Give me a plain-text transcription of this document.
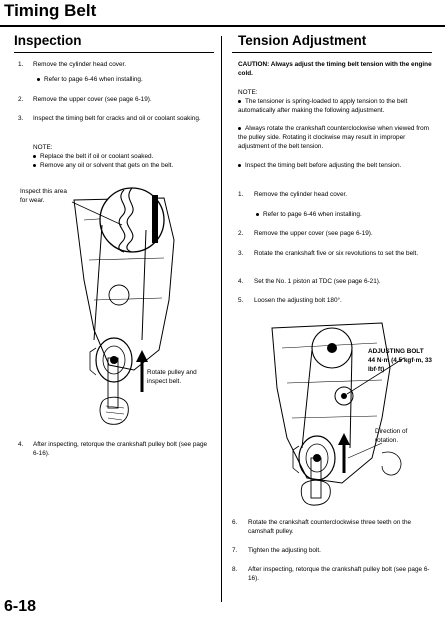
Timing Belt
Inspection
1. Remove the cylinder head cover.
Refer to page 6-46 when installing.
2. Remove the upper cover (see page 6-19).
3. Inspect the timing belt for cracks and oil or coolant soaking.
NOTE:
Replace the belt if oil or coolant soaked.
Remove any oil or solvent that gets on the belt.
Inspect this area for wear.
Rotate pulley and inspect belt.
4. After inspecting, retorque the crankshaft pulley bolt (see page 6-16).
Tension Adjustment
CAUTION: Always adjust the timing belt tension with the engine cold.
NOTE:
The tensioner is spring-loaded to apply tension to the belt automatically after making the following adjustment.
Always rotate the crankshaft counterclockwise when viewed from the pulley side. Rotating it clockwise may result in improper adjustment of the belt tension.
Inspect the timing belt before adjusting the belt tension.
1. Remove the cylinder head cover.
Refer to page 6-46 when installing.
2. Remove the upper cover (see page 6-19).
3. Rotate the crankshaft five or six revolutions to set the belt.
4. Set the No. 1 piston at TDC (see page 6-21).
5. Loosen the adjusting bolt 180°.
ADJUSTING BOLT
44 N·m (4.5 kgf·m, 33 lbf·ft)
Direction of rotation.
6. Rotate the crankshaft counterclockwise three teeth on the camshaft pulley.
7. Tighten the adjusting bolt.
8. After inspecting, retorque the crankshaft pulley bolt (see page 6-16).
6-18
